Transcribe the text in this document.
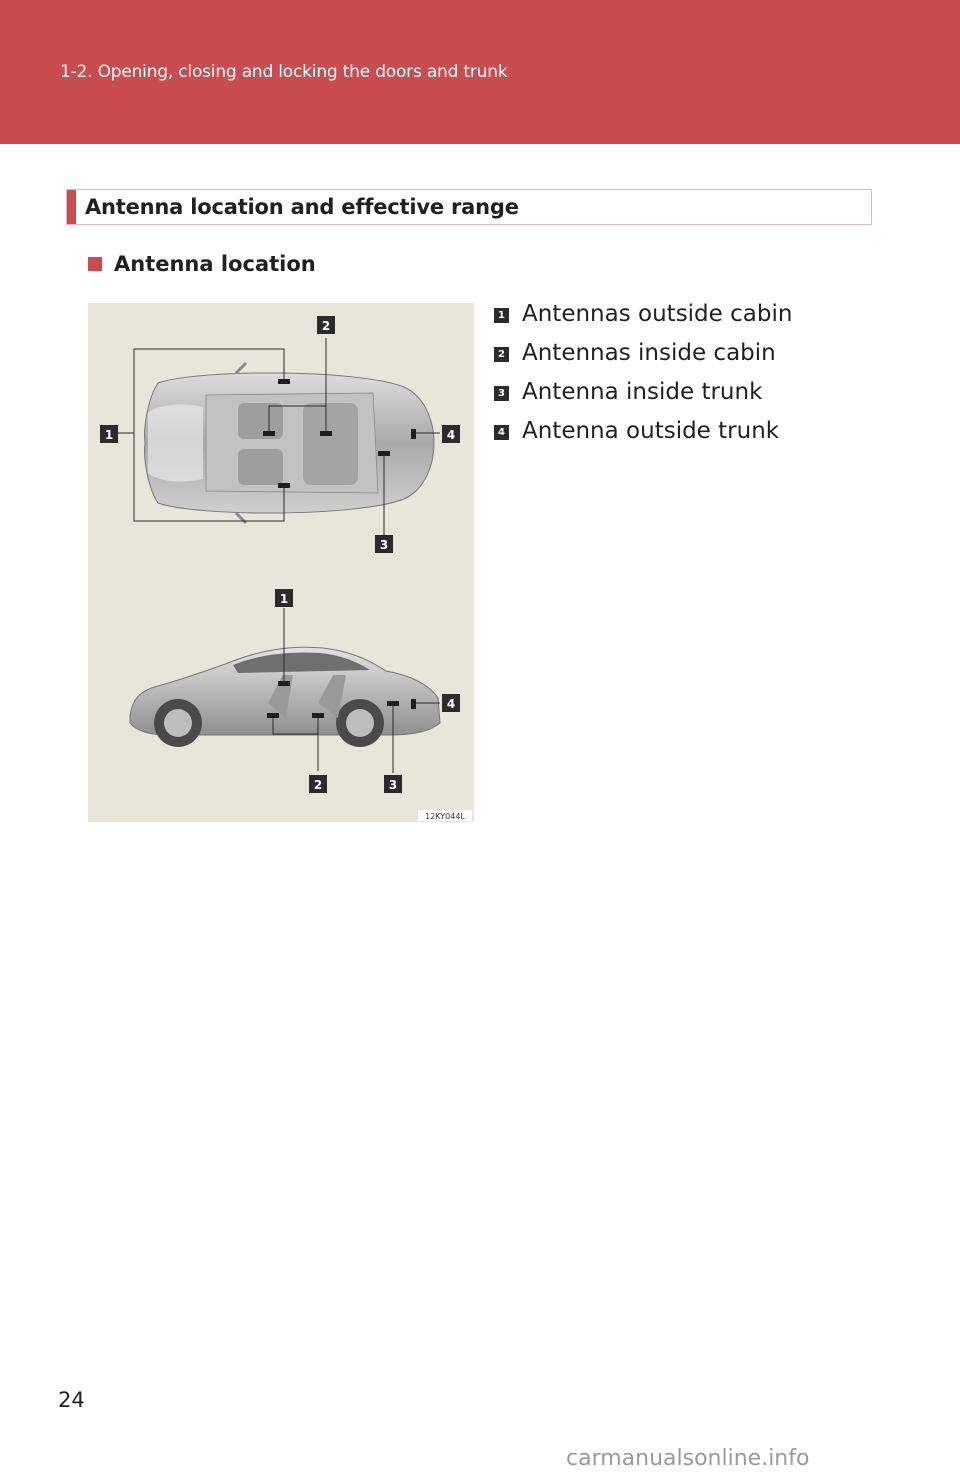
1-2. Opening, closing and locking the doors and trunk
Antenna location and effective range
Antenna location
1
2
3
4
1
2	3
4
12KY044L
1 Antennas outside cabin
2 Antennas inside cabin
3 Antenna inside trunk
4 Antenna outside trunk
24
carmanualsonline.info
